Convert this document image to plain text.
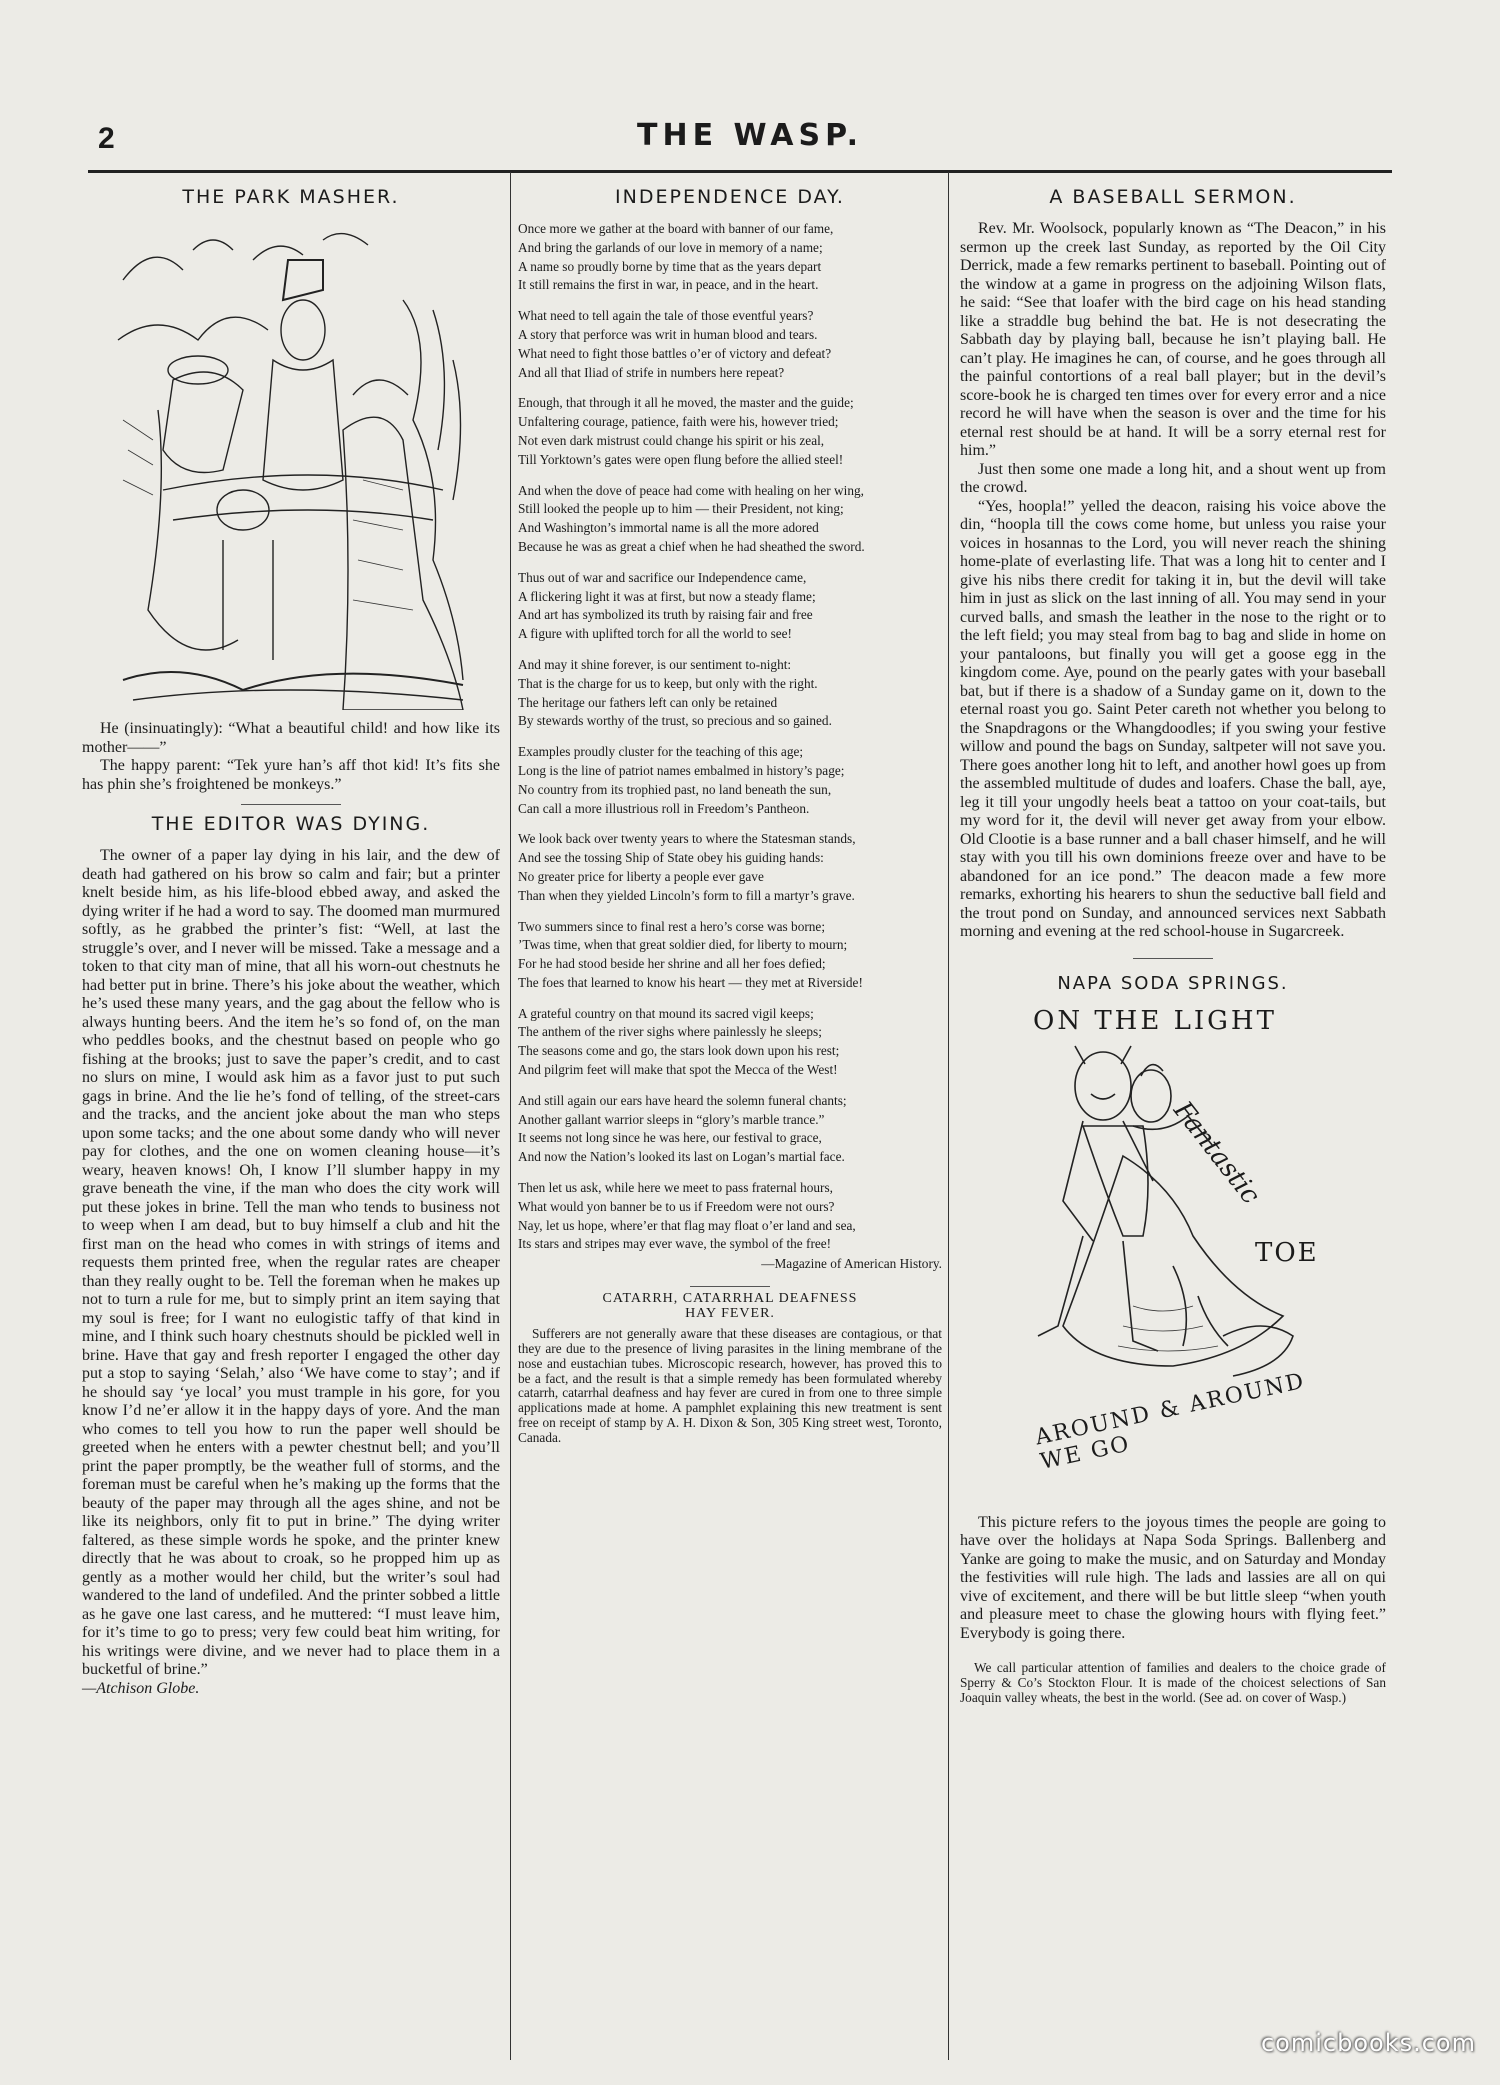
2	THE WASP.
THE PARK MASHER.

He (insinuatingly): “What a beautiful child! and how like its mother——”

The happy parent: “Tek yure han’s aff thot kid! It’s fits she has phin she’s froightened be monkeys.”

THE EDITOR WAS DYING.

The owner of a paper lay dying in his lair, and the dew of death had gathered on his brow so calm and fair; but a printer knelt beside him, as his life-blood ebbed away, and asked the dying writer if he had a word to say. The doomed man murmured softly, as he grabbed the printer’s fist: “Well, at last the struggle’s over, and I never will be missed. Take a message and a token to that city man of mine, that all his worn-out chestnuts he had better put in brine. There’s his joke about the weather, which he’s used these many years, and the gag about the fellow who is always hunting beers. And the item he’s so fond of, on the man who peddles books, and the chestnut based on people who go fishing at the brooks; just to save the paper’s credit, and to cast no slurs on mine, I would ask him as a favor just to put such gags in brine. And the lie he’s fond of telling, of the street-cars and the tracks, and the ancient joke about the man who steps upon some tacks; and the one about some dandy who will never pay for clothes, and the one on women cleaning house—it’s weary, heaven knows! Oh, I know I’ll slumber happy in my grave beneath the vine, if the man who does the city work will put these jokes in brine. Tell the man who tends to business not to weep when I am dead, but to buy himself a club and hit the first man on the head who comes in with strings of items and requests them printed free, when the regular rates are cheaper than they really ought to be. Tell the foreman when he makes up not to turn a rule for me, but to simply print an item saying that my soul is free; for I want no eulogistic taffy of that kind in mine, and I think such hoary chestnuts should be pickled well in brine. Have that gay and fresh reporter I engaged the other day put a stop to saying ‘Selah,’ also ‘We have come to stay’; and if he should say ‘ye local’ you must trample in his gore, for you know I’d ne’er allow it in the happy days of yore. And the man who comes to tell you how to run the paper well should be greeted when he enters with a pewter chestnut bell; and you’ll print the paper promptly, be the weather full of storms, and the foreman must be careful when he’s making up the forms that the beauty of the paper may through all the ages shine, and not be like its neighbors, only fit to put in brine.” The dying writer faltered, as these simple words he spoke, and the printer knew directly that he was about to croak, so he propped him up as gently as a mother would her child, but the writer’s soul had wandered to the land of undefiled. And the printer sobbed a little as he gave one last caress, and he muttered: “I must leave him, for it’s time to go to press; very few could beat him writing, for his writings were divine, and we never had to place them in a bucketful of brine.”

—Atchison Globe.

INDEPENDENCE DAY.
Once more we gather at the board with banner of our fame,
And bring the garlands of our love in memory of a name;
A name so proudly borne by time that as the years depart
It still remains the first in war, in peace, and in the heart.
What need to tell again the tale of those eventful years?
A story that perforce was writ in human blood and tears.
What need to fight those battles o’er of victory and defeat?
And all that Iliad of strife in numbers here repeat?
Enough, that through it all he moved, the master and the guide;
Unfaltering courage, patience, faith were his, however tried;
Not even dark mistrust could change his spirit or his zeal,
Till Yorktown’s gates were open flung before the allied steel!
And when the dove of peace had come with healing on her wing,
Still looked the people up to him — their President, not king;
And Washington’s immortal name is all the more adored
Because he was as great a chief when he had sheathed the sword.
Thus out of war and sacrifice our Independence came,
A flickering light it was at first, but now a steady flame;
And art has symbolized its truth by raising fair and free
A figure with uplifted torch for all the world to see!
And may it shine forever, is our sentiment to-night:
That is the charge for us to keep, but only with the right.
The heritage our fathers left can only be retained
By stewards worthy of the trust, so precious and so gained.
Examples proudly cluster for the teaching of this age;
Long is the line of patriot names embalmed in history’s page;
No country from its trophied past, no land beneath the sun,
Can call a more illustrious roll in Freedom’s Pantheon.
We look back over twenty years to where the Statesman stands,
And see the tossing Ship of State obey his guiding hands:
No greater price for liberty a people ever gave
Than when they yielded Lincoln’s form to fill a martyr’s grave.
Two summers since to final rest a hero’s corse was borne;
’Twas time, when that great soldier died, for liberty to mourn;
For he had stood beside her shrine and all her foes defied;
The foes that learned to know his heart — they met at Riverside!
A grateful country on that mound its sacred vigil keeps;
The anthem of the river sighs where painlessly he sleeps;
The seasons come and go, the stars look down upon his rest;
And pilgrim feet will make that spot the Mecca of the West!
And still again our ears have heard the solemn funeral chants;
Another gallant warrior sleeps in “glory’s marble trance.”
It seems not long since he was here, our festival to grace,
And now the Nation’s looked its last on Logan’s martial face.
Then let us ask, while here we meet to pass fraternal hours,
What would yon banner be to us if Freedom were not ours?
Nay, let us hope, where’er that flag may float o’er land and sea,
Its stars and stripes may ever wave, the symbol of the free!
—Magazine of American History.
CATARRH, CATARRHAL DEAFNESS
HAY FEVER.

Sufferers are not generally aware that these diseases are contagious, or that they are due to the presence of living parasites in the lining membrane of the nose and eustachian tubes. Microscopic research, however, has proved this to be a fact, and the result is that a simple remedy has been formulated whereby catarrh, catarrhal deafness and hay fever are cured in from one to three simple applications made at home. A pamphlet explaining this new treatment is sent free on receipt of stamp by A. H. Dixon & Son, 305 King street west, Toronto, Canada.

A BASEBALL SERMON.

Rev. Mr. Woolsock, popularly known as “The Deacon,” in his sermon up the creek last Sunday, as reported by the Oil City Derrick, made a few remarks pertinent to baseball. Pointing out of the window at a game in progress on the adjoining Wilson flats, he said: “See that loafer with the bird cage on his head standing like a straddle bug behind the bat. He is not desecrating the Sabbath day by playing ball, because he isn’t playing ball. He can’t play. He imagines he can, of course, and he goes through all the painful contortions of a real ball player; but in the devil’s score-book he is charged ten times over for every error and a nice record he will have when the season is over and the time for his eternal rest should be at hand. It will be a sorry eternal rest for him.”

Just then some one made a long hit, and a shout went up from the crowd.

“Yes, hoopla!” yelled the deacon, raising his voice above the din, “hoopla till the cows come home, but unless you raise your voices in hosannas to the Lord, you will never reach the shining home-plate of everlasting life. That was a long hit to center and I give his nibs there credit for taking it in, but the devil will take him in just as slick on the last inning of all. You may send in your curved balls, and smash the leather in the nose to the right or to the left field; you may steal from bag to bag and slide in home on your pantaloons, but finally you will get a goose egg in the kingdom come. Aye, pound on the pearly gates with your baseball bat, but if there is a shadow of a Sunday game on it, down to the eternal roast you go. Saint Peter careth not whether you belong to the Snapdragons or the Whangdoodles; if you swing your festive willow and pound the bags on Sunday, saltpeter will not save you. There goes another long hit to left, and another howl goes up from the assembled multitude of dudes and loafers. Chase the ball, aye, leg it till your ungodly heels beat a tattoo on your coat-tails, but my word for it, the devil will never get away from your elbow. Old Clootie is a base runner and a ball chaser himself, and he will stay with you till his own dominions freeze over and have to be abandoned for an ice pond.” The deacon made a few more remarks, exhorting his hearers to shun the seductive ball field and the trout pond on Sunday, and announced services next Sabbath morning and evening at the red school-house in Sugarcreek.

NAPA SODA SPRINGS.
ON THE LIGHT
Fantastic
TOE
AROUND & AROUND WE GO

This picture refers to the joyous times the people are going to have over the holidays at Napa Soda Springs. Ballenberg and Yanke are going to make the music, and on Saturday and Monday the festivities will rule high. The lads and lassies are all on qui vive of excitement, and there will be but little sleep “when youth and pleasure meet to chase the glowing hours with flying feet.” Everybody is going there.

We call particular attention of families and dealers to the choice grade of Sperry & Co’s Stockton Flour. It is made of the choicest selections of San Joaquin valley wheats, the best in the world. (See ad. on cover of Wasp.)

comicbooks.com
